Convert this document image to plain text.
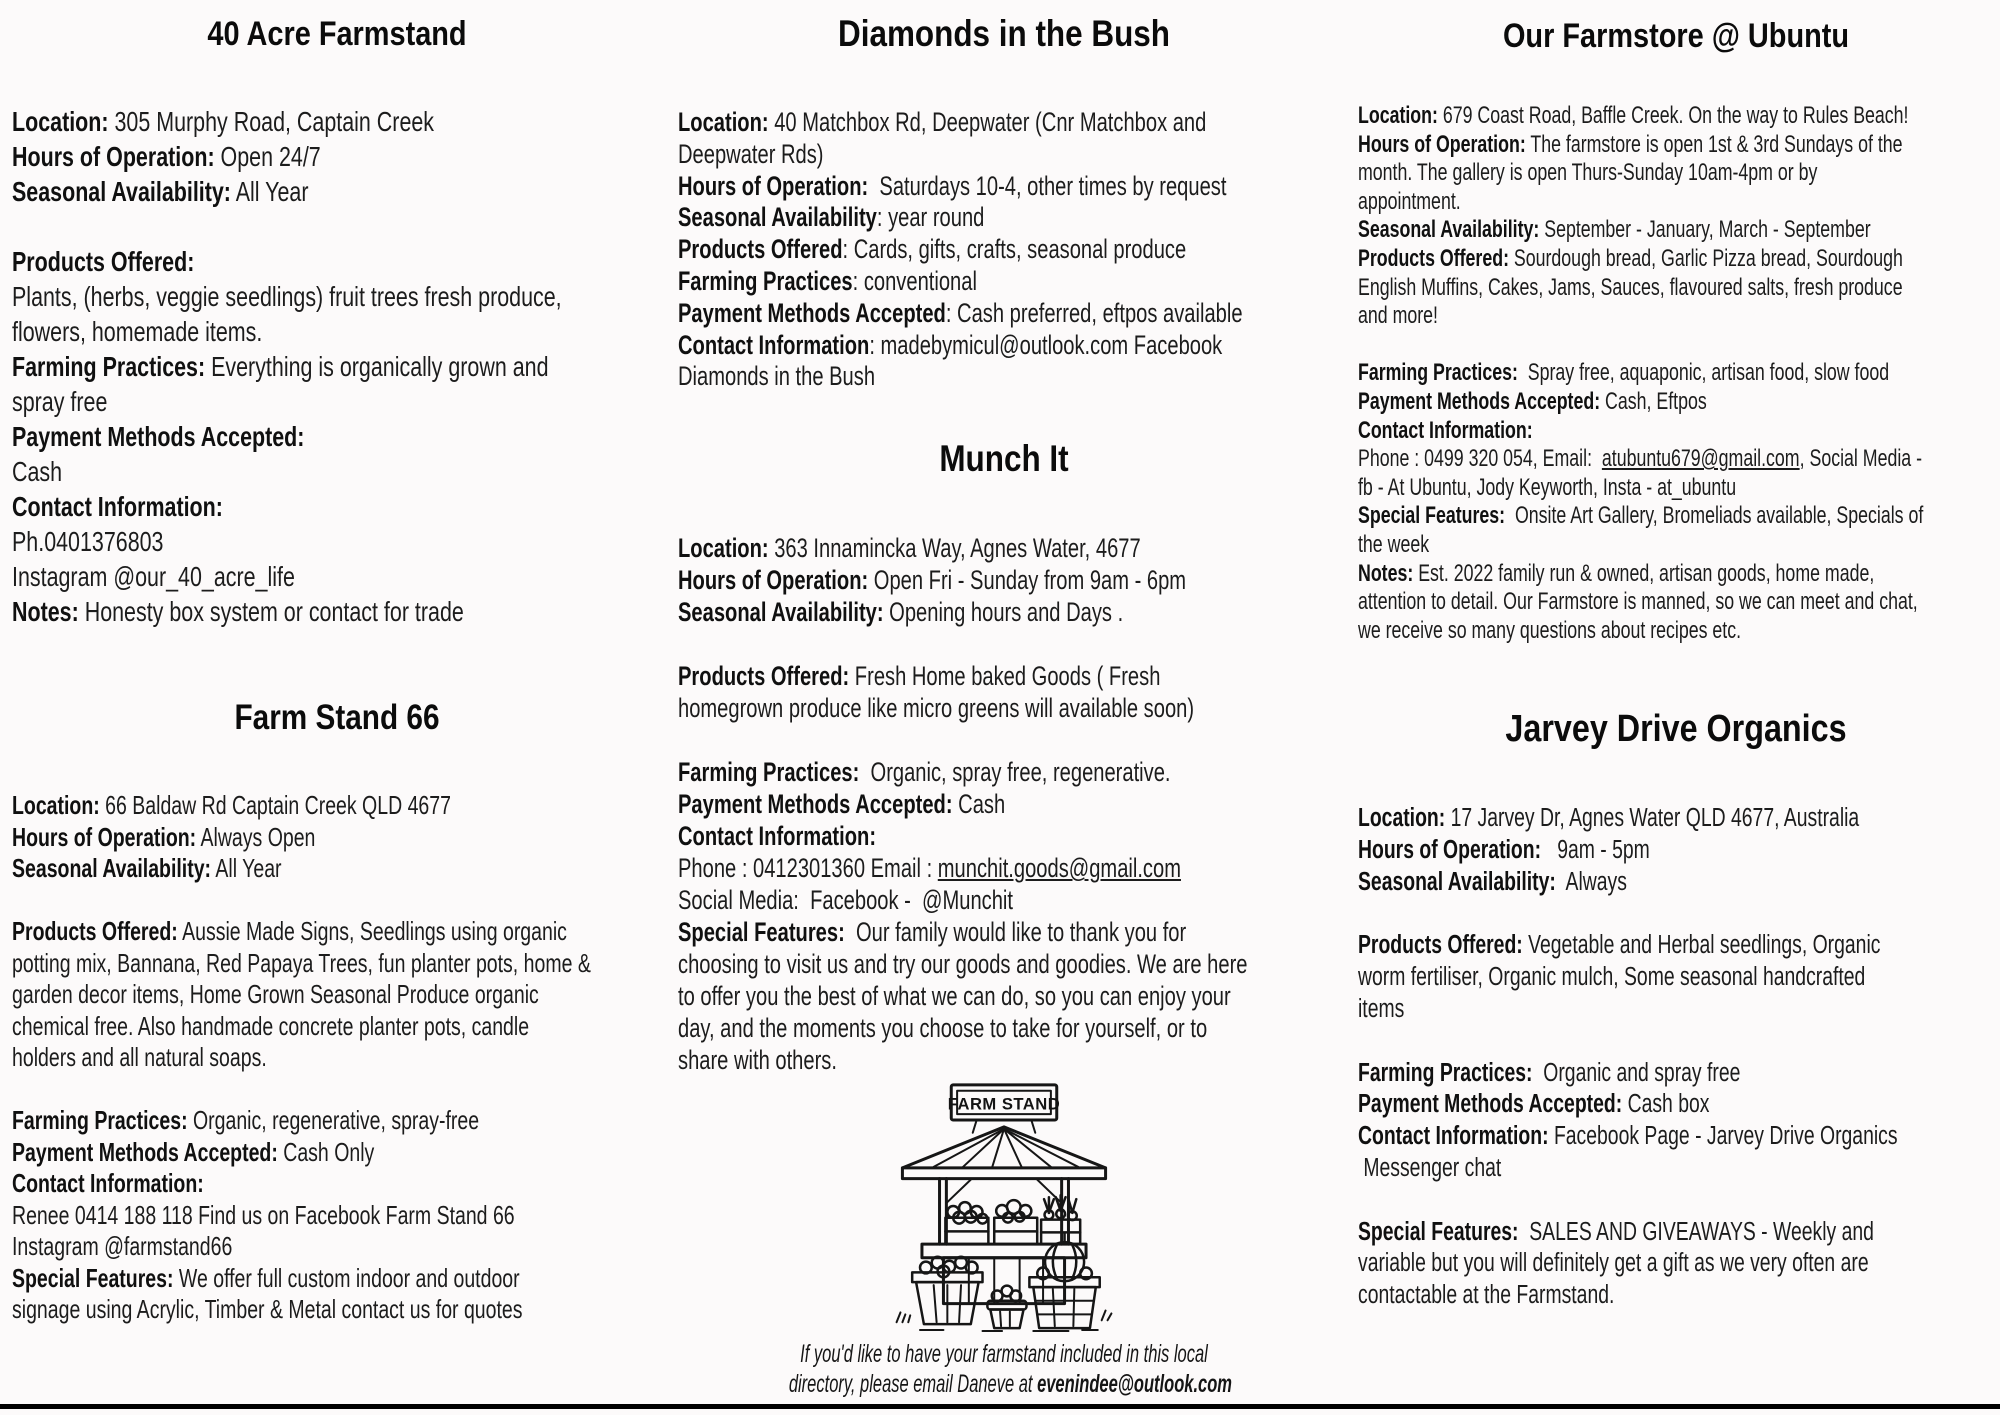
40 Acre Farmstand

Location: 305 Murphy Road, Captain Creek

Hours of Operation: Open 24/7

Seasonal Availability: All Year

Products Offered:

Plants, (herbs, veggie seedlings) fruit trees fresh produce,

flowers, homemade items.

Farming Practices: Everything is organically grown and

spray free

Payment Methods Accepted:

Cash

Contact Information:

Ph.0401376803

Instagram @our_40_acre_life

Notes: Honesty box system or contact for trade

Farm Stand 66

Location: 66 Baldaw Rd Captain Creek QLD 4677

Hours of Operation: Always Open

Seasonal Availability: All Year

Products Offered: Aussie Made Signs, Seedlings using organic

potting mix, Bannana, Red Papaya Trees, fun planter pots, home &

garden decor items, Home Grown Seasonal Produce organic

chemical free. Also handmade concrete planter pots, candle

holders and all natural soaps.

Farming Practices: Organic, regenerative, spray-free

Payment Methods Accepted: Cash Only

Contact Information:

Renee 0414 188 118 Find us on Facebook Farm Stand 66

Instagram @farmstand66

Special Features: We offer full custom indoor and outdoor

signage using Acrylic, Timber & Metal contact us for quotes

Diamonds in the Bush

Location: 40 Matchbox Rd, Deepwater (Cnr Matchbox and

Deepwater Rds)

Hours of Operation:  Saturdays 10-4, other times by request

Seasonal Availability: year round

Products Offered: Cards, gifts, crafts, seasonal produce

Farming Practices: conventional

Payment Methods Accepted: Cash preferred, eftpos available

Contact Information: madebymicul@outlook.com Facebook

Diamonds in the Bush

Munch It

Location: 363 Innamincka Way, Agnes Water, 4677

Hours of Operation: Open Fri - Sunday from 9am - 6pm

Seasonal Availability: Opening hours and Days .

Products Offered: Fresh Home baked Goods ( Fresh

homegrown produce like micro greens will available soon)

Farming Practices:  Organic, spray free, regenerative.

Payment Methods Accepted: Cash

Contact Information:

Phone : 0412301360 Email : munchit.goods@gmail.com

Social Media:  Facebook -  @Munchit

Special Features:  Our family would like to thank you for

choosing to visit us and try our goods and goodies. We are here

to offer you the best of what we can do, so you can enjoy your

day, and the moments you choose to take for yourself, or to

share with others.

FARM STAND

If you'd like to have your farmstand included in this local

directory, please email Daneve at evenindee@outlook.com

Our Farmstore @ Ubuntu

Location: 679 Coast Road, Baffle Creek. On the way to Rules Beach!

Hours of Operation: The farmstore is open 1st & 3rd Sundays of the

month. The gallery is open Thurs-Sunday 10am-4pm or by

appointment.

Seasonal Availability: September - January, March - September

Products Offered: Sourdough bread, Garlic Pizza bread, Sourdough

English Muffins, Cakes, Jams, Sauces, flavoured salts, fresh produce

and more!

Farming Practices:  Spray free, aquaponic, artisan food, slow food

Payment Methods Accepted: Cash, Eftpos

Contact Information:

Phone : 0499 320 054, Email:  atubuntu679@gmail.com, Social Media -

fb - At Ubuntu, Jody Keyworth, Insta - at_ubuntu

Special Features:  Onsite Art Gallery, Bromeliads available, Specials of

the week

Notes: Est. 2022 family run & owned, artisan goods, home made,

attention to detail. Our Farmstore is manned, so we can meet and chat,

we receive so many questions about recipes etc.

Jarvey Drive Organics

Location: 17 Jarvey Dr, Agnes Water QLD 4677, Australia

Hours of Operation:   9am - 5pm

Seasonal Availability:  Always

Products Offered: Vegetable and Herbal seedlings, Organic

worm fertiliser, Organic mulch, Some seasonal handcrafted

items

Farming Practices:  Organic and spray free

Payment Methods Accepted: Cash box

Contact Information: Facebook Page - Jarvey Drive Organics

Messenger chat

Special Features:  SALES AND GIVEAWAYS - Weekly and

variable but you will definitely get a gift as we very often are

contactable at the Farmstand.
